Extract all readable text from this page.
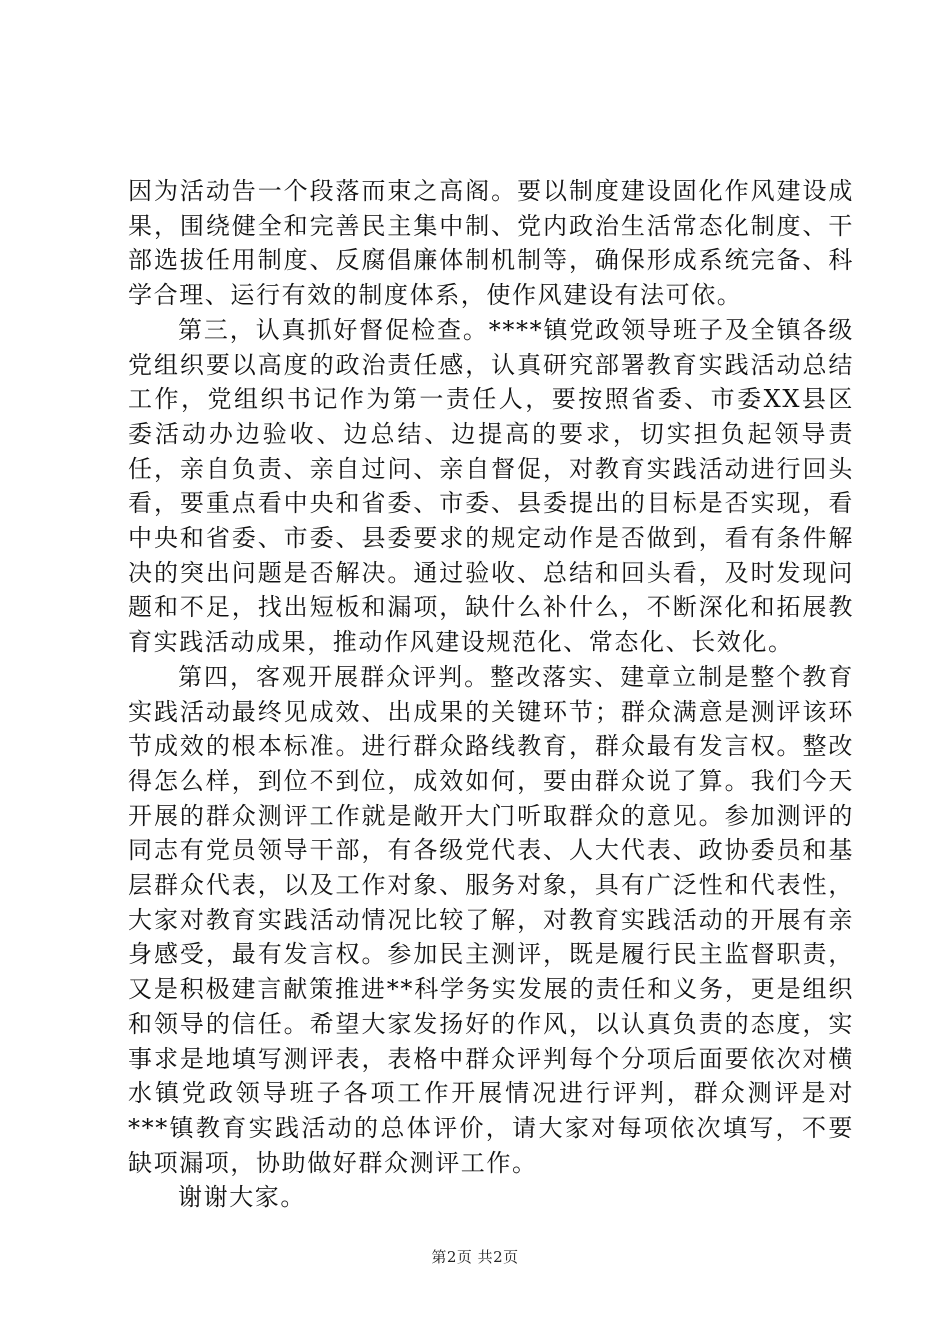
因为活动告一个段落而束之高阁。要以制度建设固化作风建设成果，围绕健全和完善民主集中制、党内政治生活常态化制度、干部选拔任用制度、反腐倡廉体制机制等，确保形成系统完备、科学合理、运行有效的制度体系，使作风建设有法可依。

第三，认真抓好督促检查。****镇党政领导班子及全镇各级党组织要以高度的政治责任感，认真研究部署教育实践活动总结工作，党组织书记作为第一责任人，要按照省委、市委XX县区委活动办边验收、边总结、边提高的要求，切实担负起领导责任，亲自负责、亲自过问、亲自督促，对教育实践活动进行回头看，要重点看中央和省委、市委、县委提出的目标是否实现，看中央和省委、市委、县委要求的规定动作是否做到，看有条件解决的突出问题是否解决。通过验收、总结和回头看，及时发现问题和不足，找出短板和漏项，缺什么补什么，不断深化和拓展教育实践活动成果，推动作风建设规范化、常态化、长效化。

第四，客观开展群众评判。整改落实、建章立制是整个教育实践活动最终见成效、出成果的关键环节；群众满意是测评该环节成效的根本标准。进行群众路线教育，群众最有发言权。整改得怎么样，到位不到位，成效如何，要由群众说了算。我们今天开展的群众测评工作就是敞开大门听取群众的意见。参加测评的同志有党员领导干部，有各级党代表、人大代表、政协委员和基层群众代表，以及工作对象、服务对象，具有广泛性和代表性，大家对教育实践活动情况比较了解，对教育实践活动的开展有亲身感受，最有发言权。参加民主测评，既是履行民主监督职责，又是积极建言献策推进**科学务实发展的责任和义务，更是组织和领导的信任。希望大家发扬好的作风，以认真负责的态度，实事求是地填写测评表，表格中群众评判每个分项后面要依次对横水镇党政领导班子各项工作开展情况进行评判，群众测评是对***镇教育实践活动的总体评价，请大家对每项依次填写，不要缺项漏项，协助做好群众测评工作。

谢谢大家。

第2页 共2页
